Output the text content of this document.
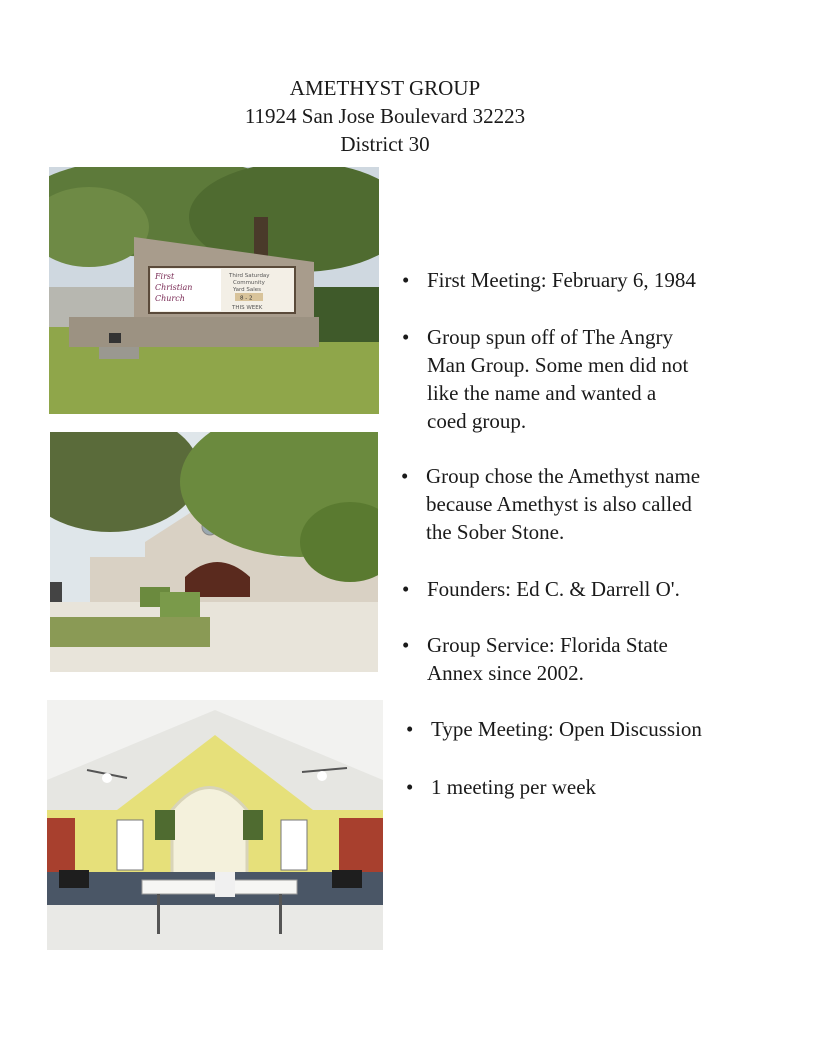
AMETHYST GROUP
11924 San Jose Boulevard 32223
District 30
First
Christian
Church
Third Saturday
Community
Yard Sales
8 - 2
THIS WEEK
• First Meeting: February 6, 1984
• Group spun off of The Angry
Man Group. Some men did not
like the name and wanted a
coed group.
• Group chose the Amethyst name
because Amethyst is also called
the Sober Stone.
• Founders: Ed C. & Darrell O'.
• Group Service: Florida State
Annex since 2002.
• Type Meeting: Open Discussion
• 1 meeting per week
